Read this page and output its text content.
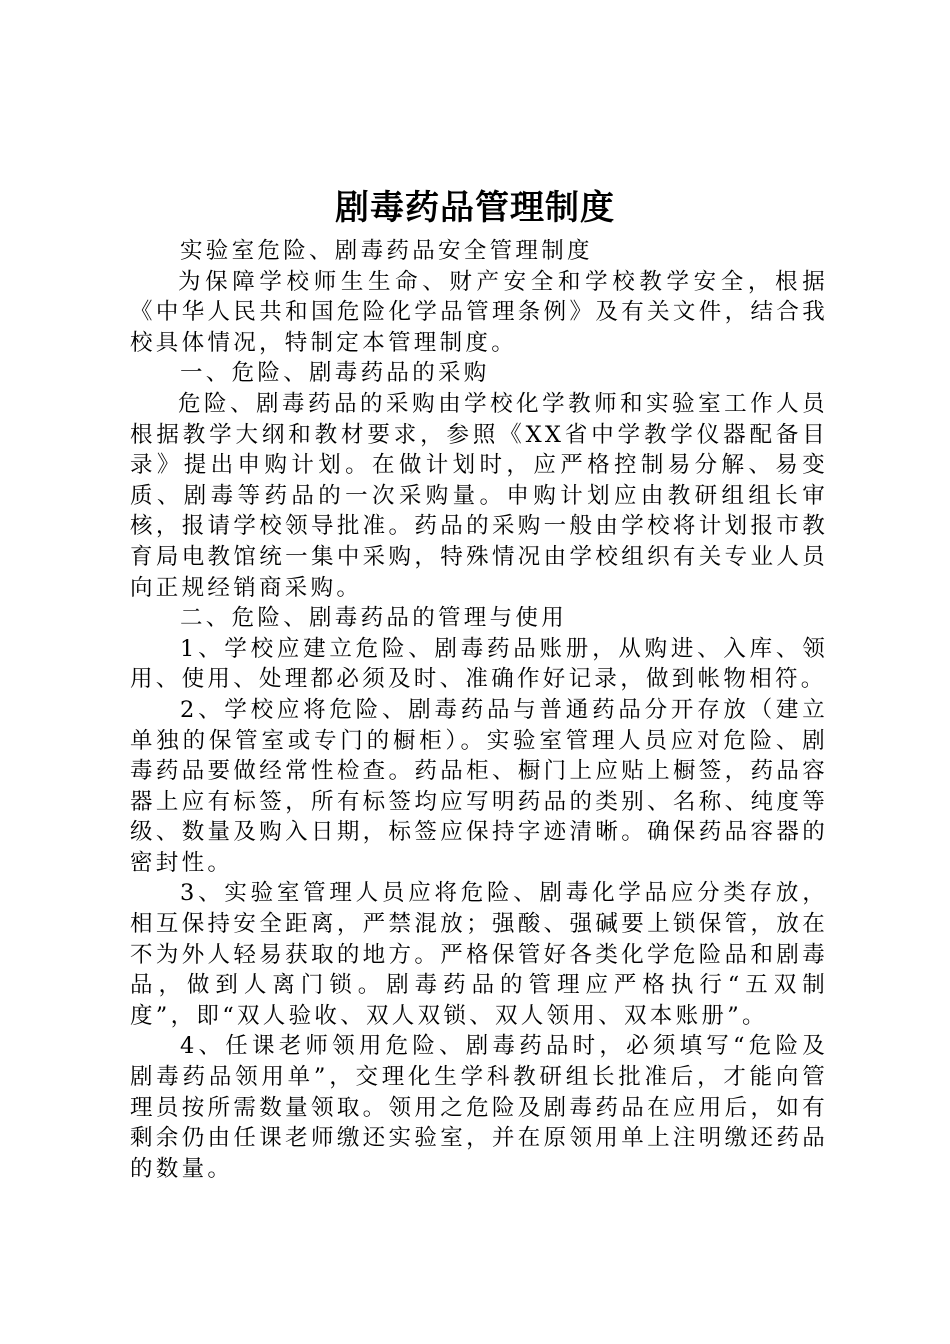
剧毒药品管理制度

实验室危险、剧毒药品安全管理制度

为保障学校师生生命、财产安全和学校教学安全，根据《中华人民共和国危险化学品管理条例》及有关文件，结合我校具体情况，特制定本管理制度。

一、危险、剧毒药品的采购

危险、剧毒药品的采购由学校化学教师和实验室工作人员根据教学大纲和教材要求，参照《XX省中学教学仪器配备目录》提出申购计划。在做计划时，应严格控制易分解、易变质、剧毒等药品的一次采购量。申购计划应由教研组组长审核，报请学校领导批准。药品的采购一般由学校将计划报市教育局电教馆统一集中采购，特殊情况由学校组织有关专业人员向正规经销商采购。

二、危险、剧毒药品的管理与使用

1、学校应建立危险、剧毒药品账册，从购进、入库、领用、使用、处理都必须及时、准确作好记录，做到帐物相符。

2、学校应将危险、剧毒药品与普通药品分开存放（建立单独的保管室或专门的橱柜）。实验室管理人员应对危险、剧毒药品要做经常性检查。药品柜、橱门上应贴上橱签，药品容器上应有标签，所有标签均应写明药品的类别、名称、纯度等级、数量及购入日期，标签应保持字迹清晰。确保药品容器的密封性。

3、实验室管理人员应将危险、剧毒化学品应分类存放，相互保持安全距离，严禁混放；强酸、强碱要上锁保管，放在不为外人轻易获取的地方。严格保管好各类化学危险品和剧毒品，做到人离门锁。剧毒药品的管理应严格执行“五双制度”，即“双人验收、双人双锁、双人领用、双本账册”。

4、任课老师领用危险、剧毒药品时，必须填写“危险及剧毒药品领用单”，交理化生学科教研组长批准后，才能向管理员按所需数量领取。领用之危险及剧毒药品在应用后，如有剩余仍由任课老师缴还实验室，并在原领用单上注明缴还药品的数量。
